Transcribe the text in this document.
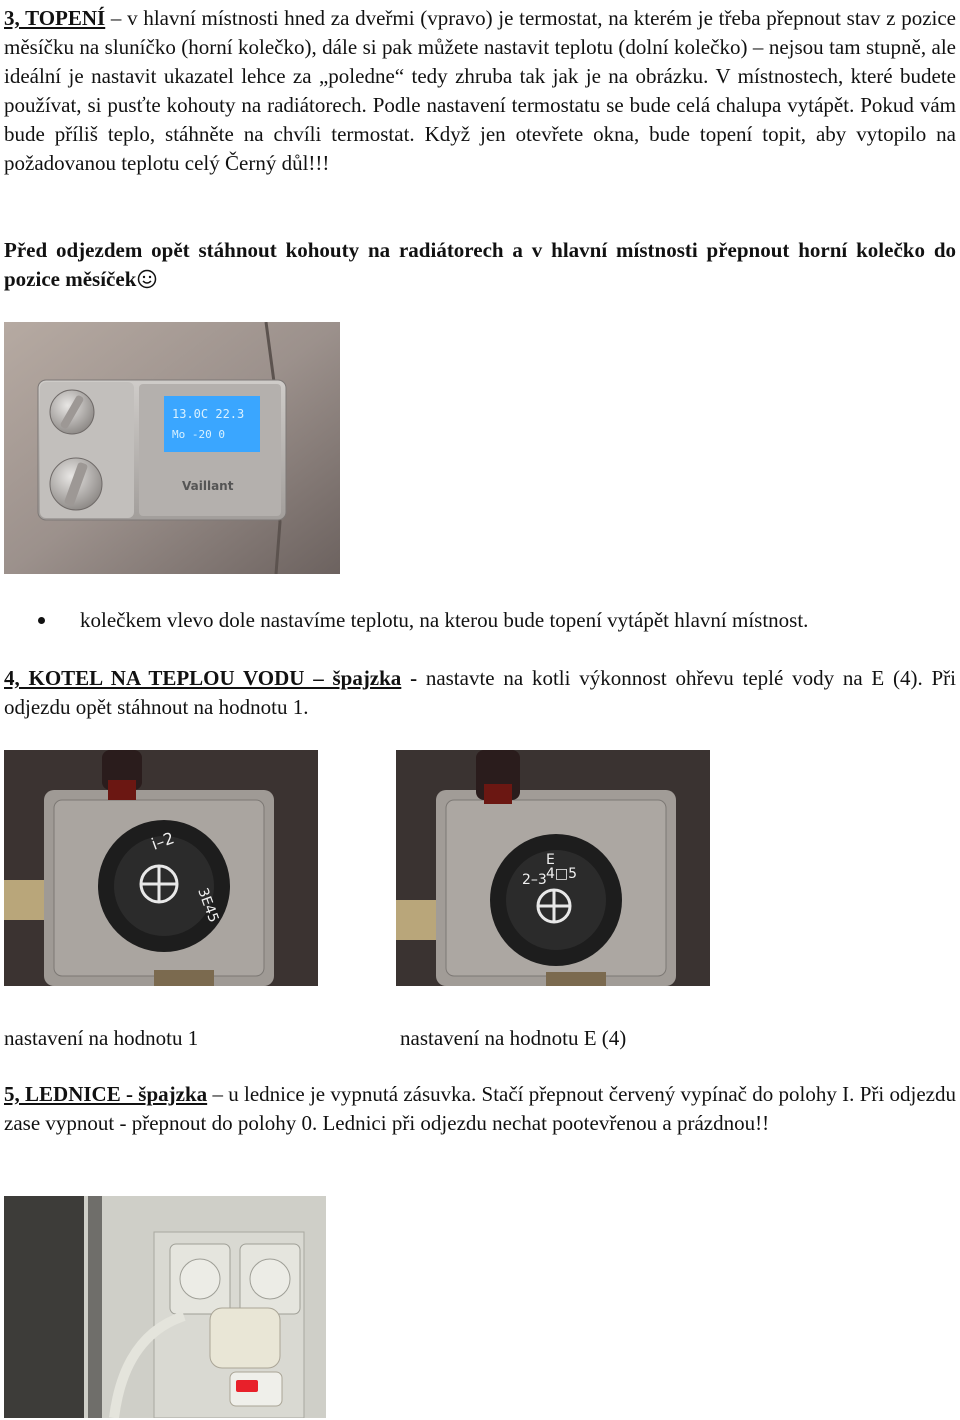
3, TOPENÍ – v hlavní místnosti hned za dveřmi (vpravo) je termostat, na kterém je třeba přepnout stav z pozice měsíčku na sluníčko (horní kolečko), dále si pak můžete nastavit teplotu (dolní kolečko) – nejsou tam stupně, ale ideální je nastavit ukazatel lehce za „poledne“ tedy zhruba tak jak je na obrázku. V místnostech, které budete používat, si pusťte kohouty na radiátorech. Podle nastavení termostatu se bude celá chalupa vytápět. Pokud vám bude příliš teplo, stáhněte na chvíli termostat. Když jen otevřete okna, bude topení topit, aby vytopilo na požadovanou teplotu celý Černý důl!!!

Před odjezdem opět stáhnout kohouty na radiátorech a v hlavní místnosti přepnout horní kolečko do pozice měsíček

13.0C 22.3
Mo -20 0
Vaillant
kolečkem vlevo dole nastavíme teplotu, na kterou bude topení vytápět hlavní místnost.

4, KOTEL NA TEPLOU VODU – špajzka - nastavte na kotli výkonnost ohřevu teplé vody na E (4). Při odjezdu opět stáhnout na hodnotu 1.

i–2
3E45
2–3
E
4□5
nastavení na hodnotu 1	nastavení na hodnotu E (4)

5, LEDNICE - špajzka – u lednice je vypnutá zásuvka. Stačí přepnout červený vypínač do polohy I. Při odjezdu zase vypnout - přepnout do polohy 0. Lednici při odjezdu nechat pootevřenou a prázdnou!!
